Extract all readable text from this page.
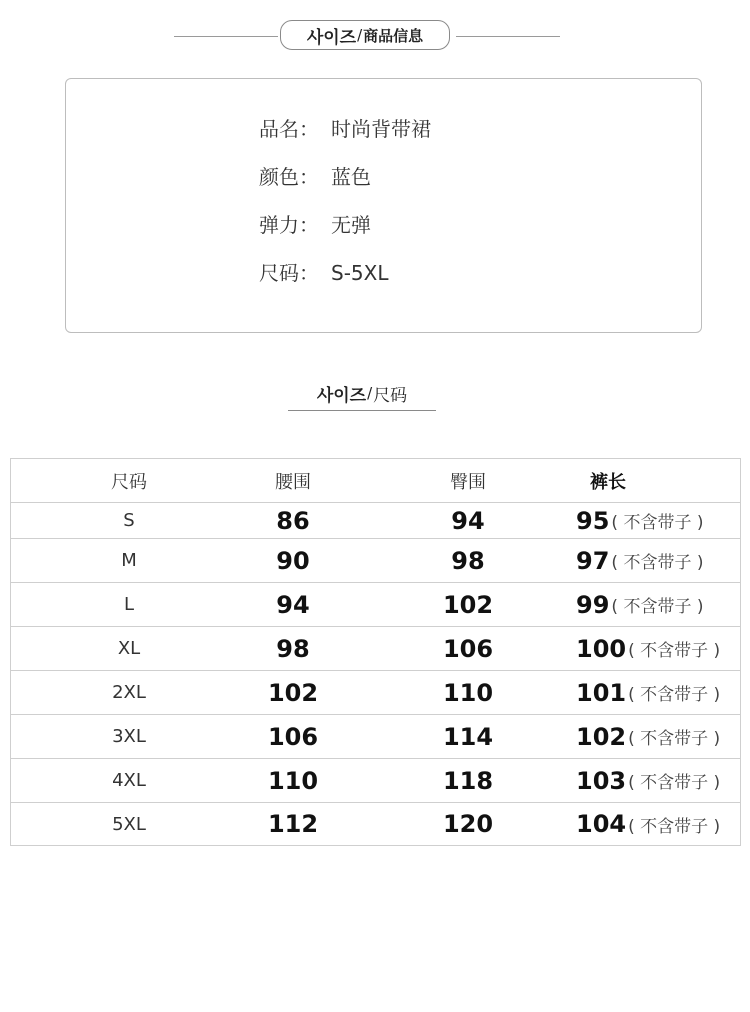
사이즈 / 商品信息
品名： 时尚背带裙
颜色： 蓝色
弹力： 无弹
尺码： S-5XL
사이즈 / 尺码
尺码	腰围	臀围	裤长
S	86	94	95 ( 不含带子 )
M	90	98	97 ( 不含带子 )
L	94	102	99 ( 不含带子 )
XL	98	106	100 ( 不含带子 )
2XL	102	110	101 ( 不含带子 )
3XL	106	114	102 ( 不含带子 )
4XL	110	118	103 ( 不含带子 )
5XL	112	120	104 ( 不含带子 )
